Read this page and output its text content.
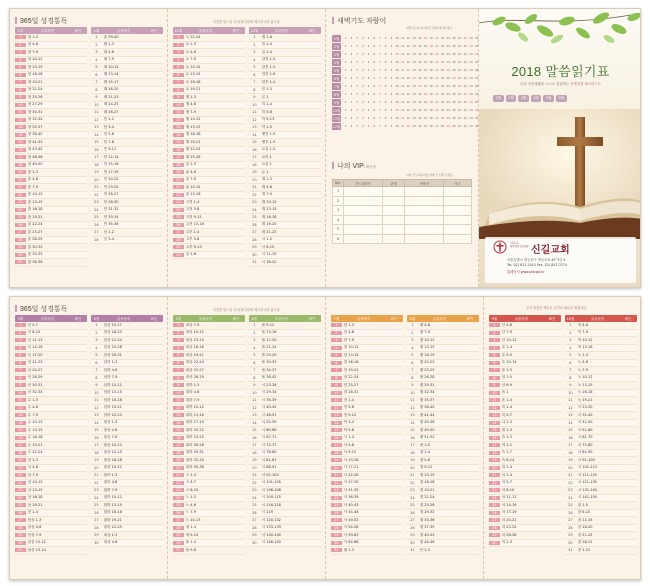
365일 성경통독
1월	읽을성경	확인
1	창 1-3
2	창 4-6
3	창 7-9
4	창 10-12
5	창 13-15
6	창 16-18
7	창 19-21
8	창 22-24
9	창 25-26
10	창 27-29
11	창 30-31
12	창 32-34
13	창 35-37
14	창 38-40
15	창 41-42
16	창 43-45
17	창 46-48
18	창 49-50
19	출 1-3
20	출 4-6
21	출 7-9
22	출 10-12
23	출 13-15
24	출 16-18
25	출 19-21
26	출 22-24
27	출 25-27
28	출 28-29
29	출 30-32
30	출 33-35
31	출 36-38
2월	읽을성경	확인
1	출 39-40
2	레 1-3
3	레 4-6
4	레 7-9
5	레 10-12
6	레 13-14
7	레 15-17
8	레 18-20
9	레 21-23
10	레 24-25
11	레 26-27
12	민 1-2
13	민 3-4
14	민 5-6
15	민 7-8
16	민 9-11
17	민 12-14
18	민 15-16
19	민 17-19
20	민 20-22
21	민 23-25
22	민 26-27
23	민 28-30
24	민 31-32
25	민 33-34
26	민 35-36
27	신 1-2
28	신 3-4
성경을 읽으신 후에 확인란에 체크하시면 됩니다.
11월	읽을성경	확인
1	눅 22-24
2	요 1-3
3	요 4-6
4	요 7-9
5	요 10-12
6	요 13-15
7	요 16-18
8	요 19-21
9	행 1-3
10	행 4-6
11	행 7-9
12	행 10-12
13	행 13-15
14	행 16-18
15	행 19-21
16	행 22-24
17	행 25-28
18	롬 1-3
19	롬 4-6
20	롬 7-9
21	롬 10-12
22	롬 13-16
23	고전 1-4
24	고전 5-8
25	고전 9-12
26	고전 13-16
27	고후 1-4
28	고후 5-8
29	고후 9-13
30	갈 1-6
12월	읽을성경	확인
1	엡 1-6
2	빌 1-4
3	골 1-4
4	살전 1-5
5	살후 1-3
6	딤전 1-6
7	딤후 1-4
8	딛 1-3
9	몬 1
10	히 1-4
11	히 5-8
12	히 9-13
13	약 1-5
14	벧전 1-5
15	벧후 1-3
16	요일 1-5
17	요이 1
18	요삼 1
19	유 1
20	계 1-3
21	계 4-6
22	계 7-9
23	계 10-12
24	계 13-15
25	계 16-18
26	계 19-20
27	계 21-22
28	시 1-5
29	시 6-10
30	시 11-15
31	시 16-22
새벽기도 자람이
새벽기도에 참석하신 날에 체크하세요.
1월	1	2	3	4	5	6	7	8	9	10 11 12 13 14 15 16 17 18 19 20 21 22 23 24
2월	1	2	3	4	5	6	7	8	9	10 11 12 13 14 15 16 17 18 19 20 21 22 23 24
3월	1	2	3	4	5	6	7	8	9	10 11 12 13 14 15 16 17 18 19 20 21 22 23 24
4월	1	2	3	4	5	6	7	8	9	10 11 12 13 14 15 16 17 18 19 20 21 22 23 24
5월	1	2	3	4	5	6	7	8	9	10 11 12 13 14 15 16 17 18 19 20 21 22 23 24
6월	1	2	3	4	5	6	7	8	9	10 11 12 13 14 15 16 17 18 19 20 21 22 23 24
7월	1	2	3	4	5	6	7	8	9	10 11 12 13 14 15 16 17 18 19 20 21 22 23 24
8월	1	2	3	4	5	6	7	8	9	10 11 12 13 14 15 16 17 18 19 20 21 22 23 24
9월	1	2	3	4	5	6	7	8	9	10 11 12 13 14 15 16 17 18 19 20 21 22 23 24
10월	1	2	3	4	5	6	7	8	9	10 11 12 13 14 15 16 17 18 19 20 21 22 23 24
11월	1	2	3	4	5	6	7	8	9	10 11 12 13 14 15 16 17 18 19 20 21 22 23 24
12월	1	2	3	4	5	6	7	8	9	10 11 12 13 14 15 16 17 18 19 20 21 22 23 24
나의 VIP/ 태신자
나의 전도대상자를 위해 기도해 주세요.
NO.	전도대상자	관계	연락처	비고
1				
2				
3				
4				
5				
6				
2018 말씀읽기표
나의 신앙생활을 스스로 점검하는 포켓성경 체크리스트
1월	2월	3월	4월	5월	6월
기독교
대한예수교장로회 신길교회
서울특별시 영등포구 영등포로 67가길 9
Tel. 02) 831-2015 Fax. 02) 847-3774
홈페이지 www.shingil.kr
365일 성경통독
3월	읽을성경	확인
1	신 5-7
2	신 8-10
3	신 11-13
4	신 14-16
5	신 17-20
6	신 21-23
7	신 24-27
8	신 28-29
9	신 30-31
10	신 32-34
11	수 1-3
12	수 4-6
13	수 7-9
14	수 10-12
15	수 13-15
16	수 16-18
17	수 19-21
18	수 22-24
19	삿 1-3
20	삿 4-6
21	삿 7-9
22	삿 10-12
23	삿 13-15
24	삿 16-18
25	삿 19-21
26	룻 1-4
27	삼상 1-3
28	삼상 4-6
29	삼상 7-9
30	삼상 10-12
31	삼상 13-14
4월	읽을성경	확인
1	삼상 15-17
2	삼상 18-20
3	삼상 21-24
4	삼상 25-28
5	삼상 29-31
6	삼하 1-3
7	삼하 4-6
8	삼하 7-9
9	삼하 10-12
10	삼하 13-15
11	삼하 16-18
12	삼하 19-21
13	삼하 22-24
14	왕상 1-3
15	왕상 4-6
16	왕상 7-9
17	왕상 10-12
18	왕상 13-15
19	왕상 16-18
20	왕상 19-22
21	왕하 1-3
22	왕하 4-6
23	왕하 7-9
24	왕하 10-12
25	왕하 13-15
26	왕하 16-18
27	왕하 19-21
28	왕하 22-25
29	대상 1-3
30	대상 4-6
성경을 읽으신 후에 확인란에 체크하시면 됩니다.
5월	읽을성경	확인
1	대상 7-9
2	대상 10-12
3	대상 13-15
4	대상 16-18
5	대상 19-21
6	대상 22-24
7	대상 25-27
8	대상 28-29
9	대하 1-3
10	대하 4-6
11	대하 7-9
12	대하 10-12
13	대하 13-16
14	대하 17-19
15	대하 20-22
16	대하 23-25
17	대하 26-28
18	대하 29-31
19	대하 32-34
20	대하 35-36
21	스 1-3
22	스 4-7
23	스 8-10
24	느 1-3
25	느 4-6
26	느 7-9
27	느 10-13
28	에 1-4
29	에 5-10
30	욥 1-4
31	욥 5-8
6월	읽을성경	확인
1	욥 9-12
2	욥 13-16
3	욥 17-20
4	욥 21-24
5	욥 25-29
6	욥 30-33
7	욥 34-37
8	욥 38-42
9	시 23-28
10	시 29-34
11	시 35-39
12	시 40-45
13	시 46-51
14	시 52-59
15	시 60-66
16	시 67-71
17	시 72-77
18	시 78-80
19	시 81-87
20	시 88-91
21	시 92-100
22	시 101-105
23	시 106-108
24	시 109-115
25	시 116-118
26	시 119
27	시 120-132
28	시 133-139
29	시 140-145
30	시 146-150
7월	읽을성경	확인
1	잠 1-3
2	잠 4-6
3	잠 7-9
4	잠 10-12
5	잠 13-15
6	잠 16-18
7	잠 19-21
8	잠 22-24
9	잠 25-27
10	잠 28-31
11	전 1-4
12	전 5-8
13	전 9-12
14	아 1-4
15	아 5-8
16	사 1-4
17	사 5-8
18	사 9-12
19	사 13-16
20	사 17-21
21	사 22-26
22	사 27-30
23	사 31-35
24	사 36-39
25	사 40-43
26	사 44-48
27	사 49-53
28	사 54-58
29	사 59-63
30	사 64-66
31	렘 1-3
8월	읽을성경	확인
1	렘 4-6
2	렘 7-9
3	렘 10-12
4	렘 13-15
5	렘 16-19
6	렘 20-22
7	렘 23-25
8	렘 26-28
9	렘 29-31
10	렘 32-34
11	렘 35-37
12	렘 38-40
13	렘 41-44
14	렘 45-48
15	렘 49-50
16	렘 51-52
17	애 1-5
18	겔 1-4
19	겔 5-8
20	겔 9-12
21	겔 13-15
22	겔 16-18
23	겔 19-21
24	겔 22-24
25	겔 25-28
26	겔 29-32
27	겔 33-36
28	겔 37-39
29	겔 40-43
30	겔 44-48
31	단 1-3
우리 말씀은 새로운 길이요 새로운 빛입니다
9월	읽을성경	확인
1	단 4-6
2	단 7-9
3	단 10-12
4	호 1-4
5	호 5-9
6	호 10-14
7	욜 1-3
8	암 1-5
9	암 6-9
10	옵 1
11	욘 1-4
12	미 1-4
13	미 5-7
14	나 1-3
15	합 1-3
16	습 1-3
17	학 1-2
18	슥 1-7
19	슥 8-14
20	말 1-4
21	마 1-4
22	마 5-7
23	마 8-10
24	마 11-13
25	마 14-16
26	마 17-19
27	마 20-22
28	마 23-25
29	마 26-28
30	막 1-3
10월	읽을성경	확인
1	막 4-6
2	막 7-9
3	막 10-12
4	막 13-16
5	눅 1-3
6	눅 4-6
7	눅 7-9
8	눅 10-12
9	눅 13-15
10	눅 16-18
11	눅 19-21
12	시 23-30
13	시 31-40
14	시 41-50
15	시 51-60
16	시 61-70
17	시 71-80
18	시 81-90
19	시 91-100
20	시 101-110
21	시 111-120
22	시 121-130
23	시 131-140
24	시 141-150
25	잠 1-5
26	잠 6-10
27	잠 11-15
28	잠 16-20
29	잠 21-25
30	잠 26-31
31	전 1-12
